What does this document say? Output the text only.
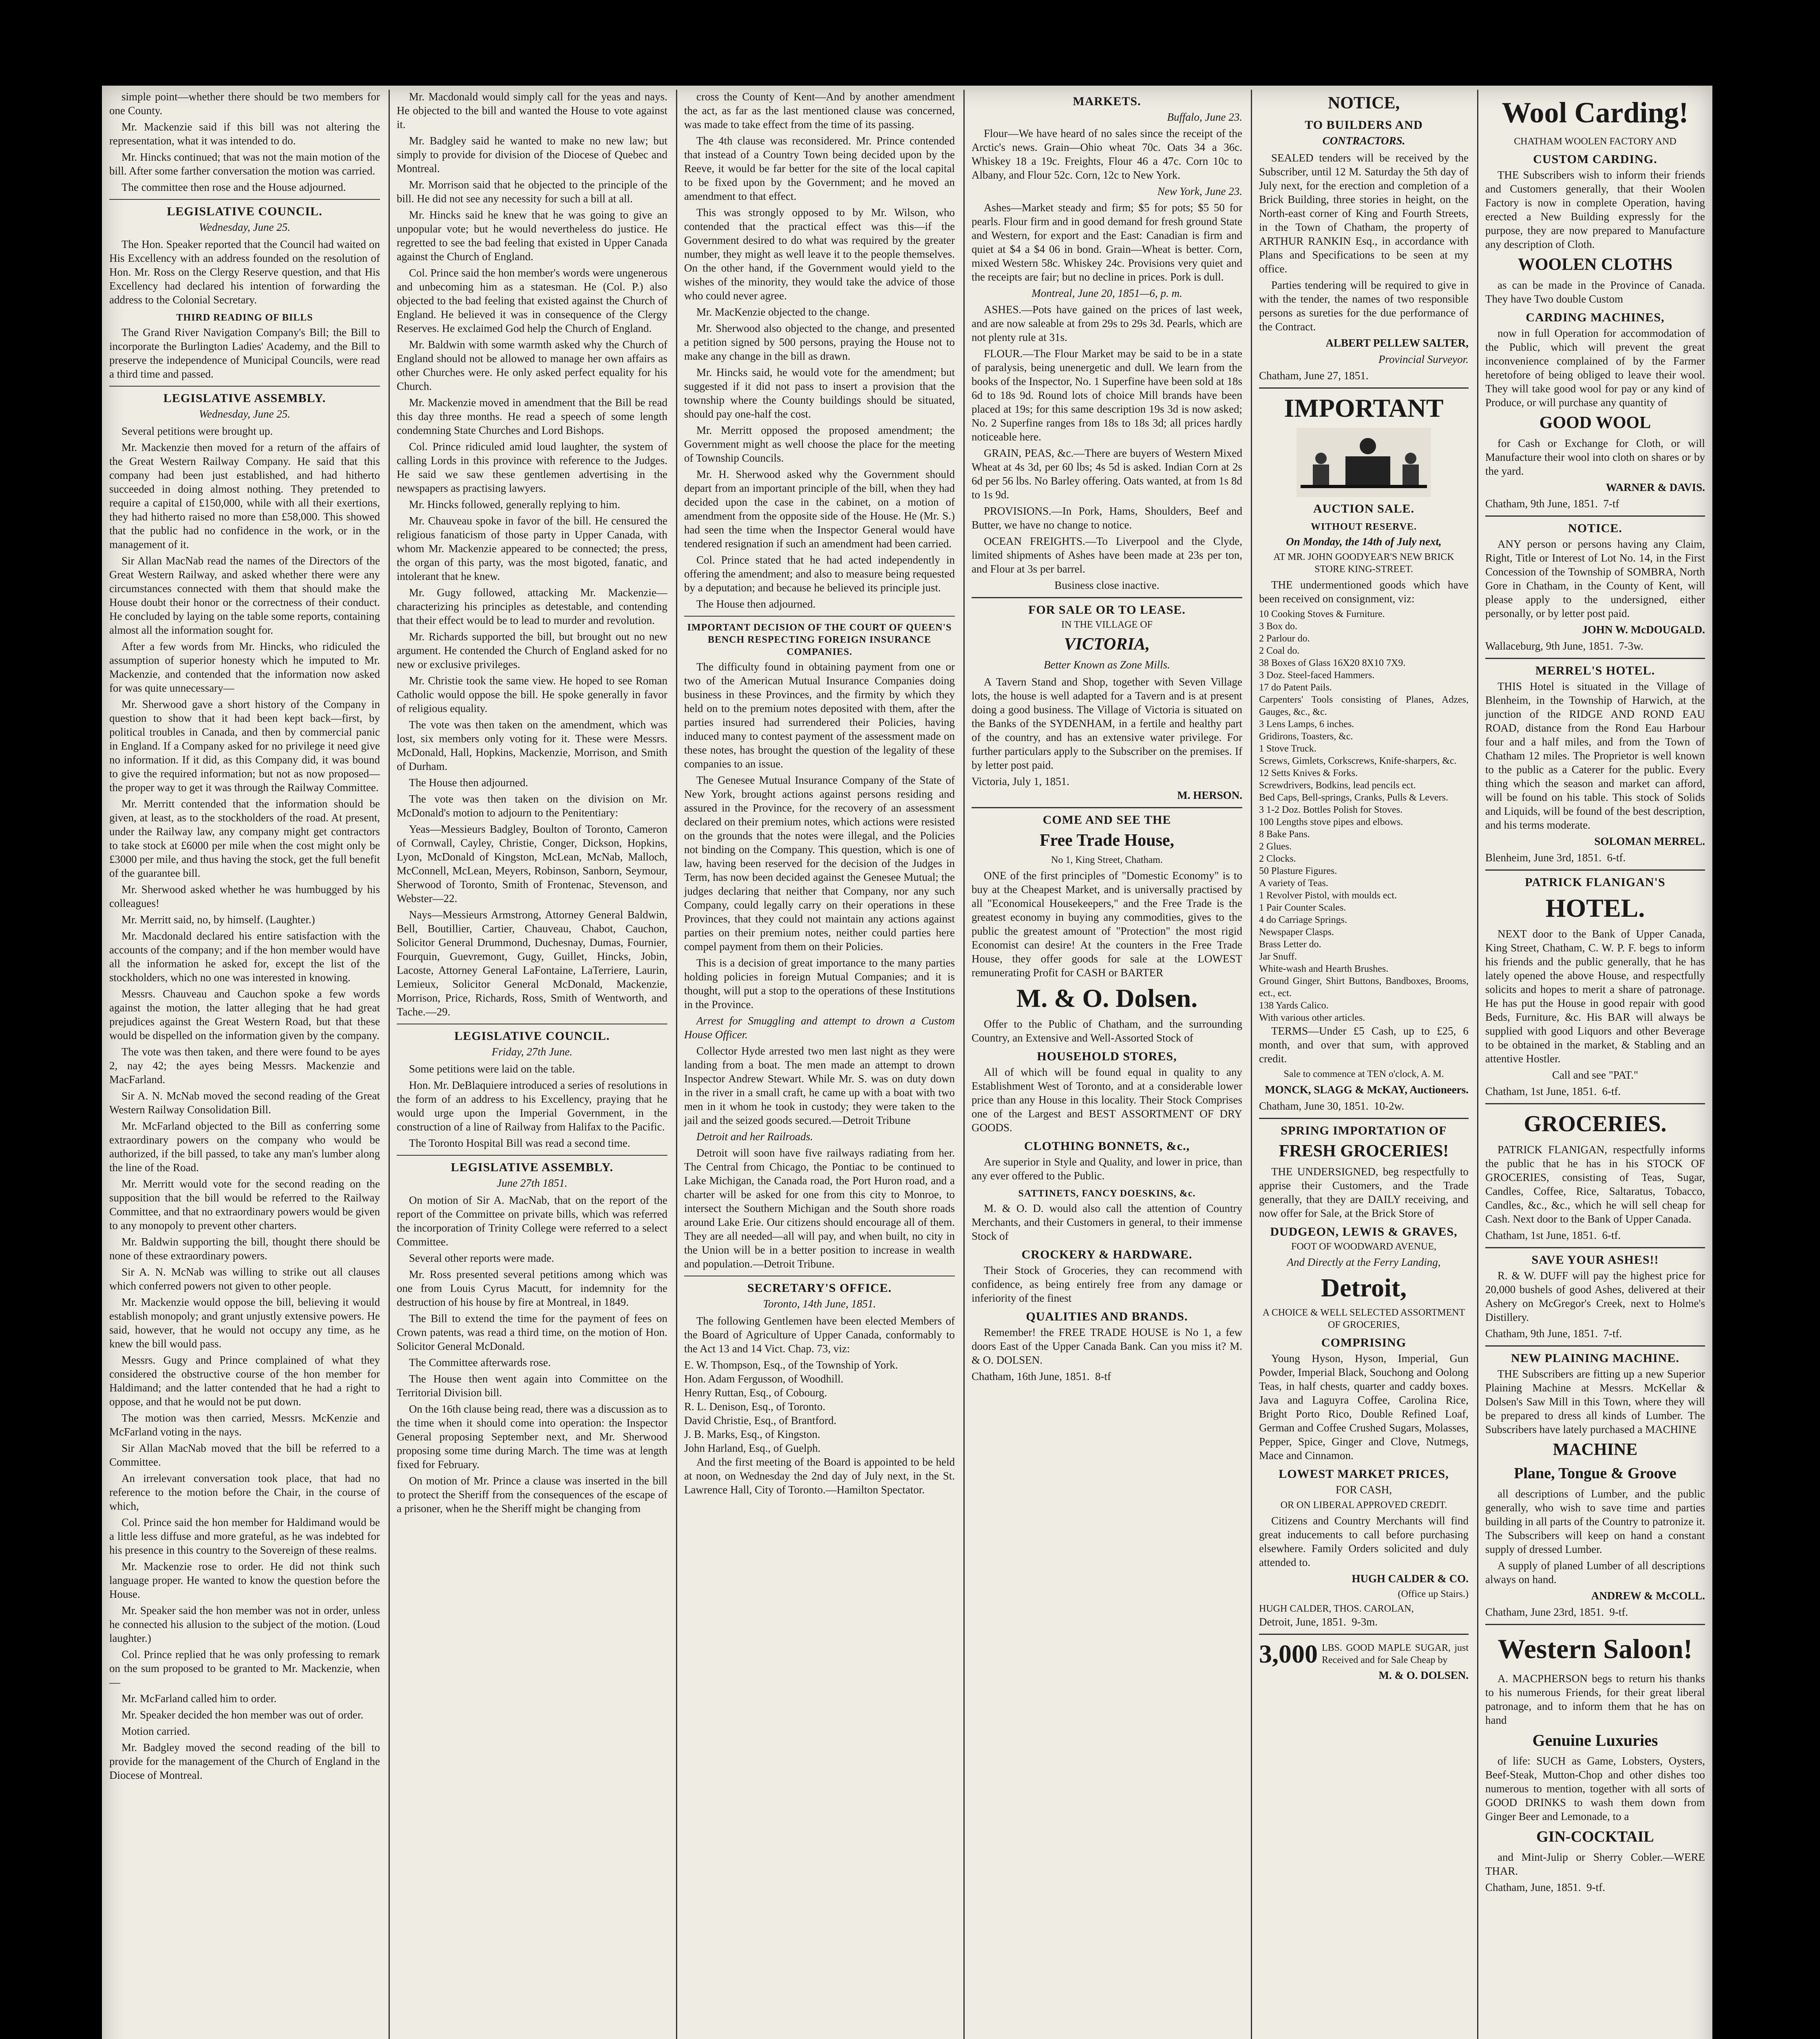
simple point—whether there should be two members for one County.

Mr. Mackenzie said if this bill was not altering the representation, what it was intended to do.

Mr. Hincks continued; that was not the main motion of the bill. After some farther conversation the motion was carried.

The committee then rose and the House adjourned.

LEGISLATIVE COUNCIL.

Wednesday, June 25.

The Hon. Speaker reported that the Council had waited on His Excellency with an address founded on the resolution of Hon. Mr. Ross on the Clergy Reserve question, and that His Excellency had declared his intention of forwarding the address to the Colonial Secretary.

THIRD READING OF BILLS

The Grand River Navigation Company's Bill; the Bill to incorporate the Burlington Ladies' Academy, and the Bill to preserve the independence of Municipal Councils, were read a third time and passed.

LEGISLATIVE ASSEMBLY.

Wednesday, June 25.

Several petitions were brought up.

Mr. Mackenzie then moved for a return of the affairs of the Great Western Railway Company. He said that this company had been just established, and had hitherto succeeded in doing almost nothing. They pretended to require a capital of £150,000, while with all their exertions, they had hitherto raised no more than £58,000. This showed that the public had no confidence in the work, or in the management of it.

Sir Allan MacNab read the names of the Directors of the Great Western Railway, and asked whether there were any circumstances connected with them that should make the House doubt their honor or the correctness of their conduct. He concluded by laying on the table some reports, containing almost all the information sought for.

After a few words from Mr. Hincks, who ridiculed the assumption of superior honesty which he imputed to Mr. Mackenzie, and contended that the information now asked for was quite unnecessary—

Mr. Sherwood gave a short history of the Company in question to show that it had been kept back—first, by political troubles in Canada, and then by commercial panic in England. If a Company asked for no privilege it need give no information. If it did, as this Company did, it was bound to give the required information; but not as now proposed—the proper way to get it was through the Railway Committee.

Mr. Merritt contended that the information should be given, at least, as to the stockholders of the road. At present, under the Railway law, any company might get contractors to take stock at £6000 per mile when the cost might only be £3000 per mile, and thus having the stock, get the full benefit of the guarantee bill.

Mr. Sherwood asked whether he was humbugged by his colleagues!

Mr. Merritt said, no, by himself. (Laughter.)

Mr. Macdonald declared his entire satisfaction with the accounts of the company; and if the hon member would have all the information he asked for, except the list of the stockholders, which no one was interested in knowing.

Messrs. Chauveau and Cauchon spoke a few words against the motion, the latter alleging that he had great prejudices against the Great Western Road, but that these would be dispelled on the information given by the company.

The vote was then taken, and there were found to be ayes 2, nay 42; the ayes being Messrs. Mackenzie and MacFarland.

Sir A. N. McNab moved the second reading of the Great Western Railway Consolidation Bill.

Mr. McFarland objected to the Bill as conferring some extraordinary powers on the company who would be authorized, if the bill passed, to take any man's lumber along the line of the Road.

Mr. Merritt would vote for the second reading on the supposition that the bill would be referred to the Railway Committee, and that no extraordinary powers would be given to any monopoly to prevent other charters.

Mr. Baldwin supporting the bill, thought there should be none of these extraordinary powers.

Sir A. N. McNab was willing to strike out all clauses which conferred powers not given to other people.

Mr. Mackenzie would oppose the bill, believing it would establish monopoly; and grant unjustly extensive powers. He said, however, that he would not occupy any time, as he knew the bill would pass.

Messrs. Gugy and Prince complained of what they considered the obstructive course of the hon member for Haldimand; and the latter contended that he had a right to oppose, and that he would not be put down.

The motion was then carried, Messrs. McKenzie and McFarland voting in the nays.

Sir Allan MacNab moved that the bill be referred to a Committee.

An irrelevant conversation took place, that had no reference to the motion before the Chair, in the course of which,

Col. Prince said the hon member for Haldimand would be a little less diffuse and more grateful, as he was indebted for his presence in this country to the Sovereign of these realms.

Mr. Mackenzie rose to order. He did not think such language proper. He wanted to know the question before the House.

Mr. Speaker said the hon member was not in order, unless he connected his allusion to the subject of the motion. (Loud laughter.)

Col. Prince replied that he was only professing to remark on the sum proposed to be granted to Mr. Mackenzie, when—

Mr. McFarland called him to order.

Mr. Speaker decided the hon member was out of order.

Motion carried.

Mr. Badgley moved the second reading of the bill to provide for the management of the Church of England in the Diocese of Montreal.

Mr. Macdonald would simply call for the yeas and nays. He objected to the bill and wanted the House to vote against it.

Mr. Badgley said he wanted to make no new law; but simply to provide for division of the Diocese of Quebec and Montreal.

Mr. Morrison said that he objected to the principle of the bill. He did not see any necessity for such a bill at all.

Mr. Hincks said he knew that he was going to give an unpopular vote; but he would nevertheless do justice. He regretted to see the bad feeling that existed in Upper Canada against the Church of England.

Col. Prince said the hon member's words were ungenerous and unbecoming him as a statesman. He (Col. P.) also objected to the bad feeling that existed against the Church of England. He believed it was in consequence of the Clergy Reserves. He exclaimed God help the Church of England.

Mr. Baldwin with some warmth asked why the Church of England should not be allowed to manage her own affairs as other Churches were. He only asked perfect equality for his Church.

Mr. Mackenzie moved in amendment that the Bill be read this day three months. He read a speech of some length condemning State Churches and Lord Bishops.

Col. Prince ridiculed amid loud laughter, the system of calling Lords in this province with reference to the Judges. He said we saw these gentlemen advertising in the newspapers as practising lawyers.

Mr. Hincks followed, generally replying to him.

Mr. Chauveau spoke in favor of the bill. He censured the religious fanaticism of those party in Upper Canada, with whom Mr. Mackenzie appeared to be connected; the press, the organ of this party, was the most bigoted, fanatic, and intolerant that he knew.

Mr. Gugy followed, attacking Mr. Mackenzie—characterizing his principles as detestable, and contending that their effect would be to lead to murder and revolution.

Mr. Richards supported the bill, but brought out no new argument. He contended the Church of England asked for no new or exclusive privileges.

Mr. Christie took the same view. He hoped to see Roman Catholic would oppose the bill. He spoke generally in favor of religious equality.

The vote was then taken on the amendment, which was lost, six members only voting for it. These were Messrs. McDonald, Hall, Hopkins, Mackenzie, Morrison, and Smith of Durham.

The House then adjourned.

The vote was then taken on the division on Mr. McDonald's motion to adjourn to the Penitentiary:

Yeas—Messieurs Badgley, Boulton of Toronto, Cameron of Cornwall, Cayley, Christie, Conger, Dickson, Hopkins, Lyon, McDonald of Kingston, McLean, McNab, Malloch, McConnell, McLean, Meyers, Robinson, Sanborn, Seymour, Sherwood of Toronto, Smith of Frontenac, Stevenson, and Webster—22.

Nays—Messieurs Armstrong, Attorney General Baldwin, Bell, Boutillier, Cartier, Chauveau, Chabot, Cauchon, Solicitor General Drummond, Duchesnay, Dumas, Fournier, Fourquin, Guevremont, Gugy, Guillet, Hincks, Jobin, Lacoste, Attorney General LaFontaine, LaTerriere, Laurin, Lemieux, Solicitor General McDonald, Mackenzie, Morrison, Price, Richards, Ross, Smith of Wentworth, and Tache.—29.

LEGISLATIVE COUNCIL.

Friday, 27th June.

Some petitions were laid on the table.

Hon. Mr. DeBlaquiere introduced a series of resolutions in the form of an address to his Excellency, praying that he would urge upon the Imperial Government, in the construction of a line of Railway from Halifax to the Pacific.

The Toronto Hospital Bill was read a second time.

LEGISLATIVE ASSEMBLY.

June 27th 1851.

On motion of Sir A. MacNab, that on the report of the report of the Committee on private bills, which was referred the incorporation of Trinity College were referred to a select Committee.

Several other reports were made.

Mr. Ross presented several petitions among which was one from Louis Cyrus Macutt, for indemnity for the destruction of his house by fire at Montreal, in 1849.

The Bill to extend the time for the payment of fees on Crown patents, was read a third time, on the motion of Hon. Solicitor General McDonald.

The Committee afterwards rose.

The House then went again into Committee on the Territorial Division bill.

On the 16th clause being read, there was a discussion as to the time when it should come into operation: the Inspector General proposing September next, and Mr. Sherwood proposing some time during March. The time was at length fixed for February.

On motion of Mr. Prince a clause was inserted in the bill to protect the Sheriff from the consequences of the escape of a prisoner, when he the Sheriff might be changing from

cross the County of Kent—And by another amendment the act, as far as the last mentioned clause was concerned, was made to take effect from the time of its passing.

The 4th clause was reconsidered. Mr. Prince contended that instead of a Country Town being decided upon by the Reeve, it would be far better for the site of the local capital to be fixed upon by the Government; and he moved an amendment to that effect.

This was strongly opposed to by Mr. Wilson, who contended that the practical effect was this—if the Government desired to do what was required by the greater number, they might as well leave it to the people themselves. On the other hand, if the Government would yield to the wishes of the minority, they would take the advice of those who could never agree.

Mr. MacKenzie objected to the change.

Mr. Sherwood also objected to the change, and presented a petition signed by 500 persons, praying the House not to make any change in the bill as drawn.

Mr. Hincks said, he would vote for the amendment; but suggested if it did not pass to insert a provision that the township where the County buildings should be situated, should pay one-half the cost.

Mr. Merritt opposed the proposed amendment; the Government might as well choose the place for the meeting of Township Councils.

Mr. H. Sherwood asked why the Government should depart from an important principle of the bill, when they had decided upon the case in the cabinet, on a motion of amendment from the opposite side of the House. He (Mr. S.) had seen the time when the Inspector General would have tendered resignation if such an amendment had been carried.

Col. Prince stated that he had acted independently in offering the amendment; and also to measure being requested by a deputation; and because he believed its principle just.

The House then adjourned.

IMPORTANT DECISION OF THE COURT OF QUEEN'S BENCH RESPECTING FOREIGN INSURANCE COMPANIES.

The difficulty found in obtaining payment from one or two of the American Mutual Insurance Companies doing business in these Provinces, and the firmity by which they held on to the premium notes deposited with them, after the parties insured had surrendered their Policies, having induced many to contest payment of the assessment made on these notes, has brought the question of the legality of these companies to an issue.

The Genesee Mutual Insurance Company of the State of New York, brought actions against persons residing and assured in the Province, for the recovery of an assessment declared on their premium notes, which actions were resisted on the grounds that the notes were illegal, and the Policies not binding on the Company. This question, which is one of law, having been reserved for the decision of the Judges in Term, has now been decided against the Genesee Mutual; the judges declaring that neither that Company, nor any such Company, could legally carry on their operations in these Provinces, that they could not maintain any actions against parties on their premium notes, neither could parties here compel payment from them on their Policies.

This is a decision of great importance to the many parties holding policies in foreign Mutual Companies; and it is thought, will put a stop to the operations of these Institutions in the Province.

Arrest for Smuggling and attempt to drown a Custom House Officer.

Collector Hyde arrested two men last night as they were landing from a boat. The men made an attempt to drown Inspector Andrew Stewart. While Mr. S. was on duty down in the river in a small craft, he came up with a boat with two men in it whom he took in custody; they were taken to the jail and the seized goods secured.—Detroit Tribune

Detroit and her Railroads.

Detroit will soon have five railways radiating from her. The Central from Chicago, the Pontiac to be continued to Lake Michigan, the Canada road, the Port Huron road, and a charter will be asked for one from this city to Monroe, to intersect the Southern Michigan and the South shore roads around Lake Erie. Our citizens should encourage all of them. They are all needed—all will pay, and when built, no city in the Union will be in a better position to increase in wealth and population.—Detroit Tribune.

SECRETARY'S OFFICE.

Toronto, 14th June, 1851.

The following Gentlemen have been elected Members of the Board of Agriculture of Upper Canada, conformably to the Act 13 and 14 Vict. Chap. 73, viz:

E. W. Thompson, Esq., of the Township of York.

Hon. Adam Fergusson, of Woodhill.

Henry Ruttan, Esq., of Cobourg.

R. L. Denison, Esq., of Toronto.

David Christie, Esq., of Brantford.

J. B. Marks, Esq., of Kingston.

John Harland, Esq., of Guelph.

And the first meeting of the Board is appointed to be held at noon, on Wednesday the 2nd day of July next, in the St. Lawrence Hall, City of Toronto.—Hamilton Spectator.

MARKETS.

Buffalo, June 23.

Flour—We have heard of no sales since the receipt of the Arctic's news. Grain—Ohio wheat 70c. Oats 34 a 36c. Whiskey 18 a 19c. Freights, Flour 46 a 47c. Corn 10c to Albany, and Flour 52c. Corn, 12c to New York.

New York, June 23.

Ashes—Market steady and firm; $5 for pots; $5 50 for pearls. Flour firm and in good demand for fresh ground State and Western, for export and the East: Canadian is firm and quiet at $4 a $4 06 in bond. Grain—Wheat is better. Corn, mixed Western 58c. Whiskey 24c. Provisions very quiet and the receipts are fair; but no decline in prices. Pork is dull.

Montreal, June 20, 1851—6, p. m.

ASHES.—Pots have gained on the prices of last week, and are now saleable at from 29s to 29s 3d. Pearls, which are not plenty rule at 31s.

FLOUR.—The Flour Market may be said to be in a state of paralysis, being unenergetic and dull. We learn from the books of the Inspector, No. 1 Superfine have been sold at 18s 6d to 18s 9d. Round lots of choice Mill brands have been placed at 19s; for this same description 19s 3d is now asked; No. 2 Superfine ranges from 18s to 18s 3d; all prices hardly noticeable here.

GRAIN, PEAS, &c.—There are buyers of Western Mixed Wheat at 4s 3d, per 60 lbs; 4s 5d is asked. Indian Corn at 2s 6d per 56 lbs. No Barley offering. Oats wanted, at from 1s 8d to 1s 9d.

PROVISIONS.—In Pork, Hams, Shoulders, Beef and Butter, we have no change to notice.

OCEAN FREIGHTS.—To Liverpool and the Clyde, limited shipments of Ashes have been made at 23s per ton, and Flour at 3s per barrel.

Business close inactive.

FOR SALE OR TO LEASE.

IN THE VILLAGE OF

VICTORIA,

Better Known as Zone Mills.

A Tavern Stand and Shop, together with Seven Village lots, the house is well adapted for a Tavern and is at present doing a good business. The Village of Victoria is situated on the Banks of the SYDENHAM, in a fertile and healthy part of the country, and has an extensive water privilege. For further particulars apply to the Subscriber on the premises. If by letter post paid.

Victoria, July 1, 1851.

M. HERSON.

COME AND SEE THE

Free Trade House,

No 1, King Street, Chatham.

ONE of the first principles of "Domestic Economy" is to buy at the Cheapest Market, and is universally practised by all "Economical Housekeepers," and the Free Trade is the greatest economy in buying any commodities, gives to the public the greatest amount of "Protection" the most rigid Economist can desire! At the counters in the Free Trade House, they offer goods for sale at the LOWEST remunerating Profit for CASH or BARTER

M. & O. Dolsen.

Offer to the Public of Chatham, and the surrounding Country, an Extensive and Well-Assorted Stock of

HOUSEHOLD STORES,

All of which will be found equal in quality to any Establishment West of Toronto, and at a considerable lower price than any House in this locality. Their Stock Comprises one of the Largest and BEST ASSORTMENT OF DRY GOODS.

CLOTHING BONNETS, &c.,

Are superior in Style and Quality, and lower in price, than any ever offered to the Public.

SATTINETS, FANCY DOESKINS, &c.

M. & O. D. would also call the attention of Country Merchants, and their Customers in general, to their immense Stock of

CROCKERY & HARDWARE.

Their Stock of Groceries, they can recommend with confidence, as being entirely free from any damage or inferiority of the finest

QUALITIES AND BRANDS.

Remember! the FREE TRADE HOUSE is No 1, a few doors East of the Upper Canada Bank. Can you miss it? M. & O. DOLSEN.

Chatham, 16th June, 1851. 8-tf

NOTICE,

TO BUILDERS AND

CONTRACTORS.

SEALED tenders will be received by the Subscriber, until 12 M. Saturday the 5th day of July next, for the erection and completion of a Brick Building, three stories in height, on the North-east corner of King and Fourth Streets, in the Town of Chatham, the property of ARTHUR RANKIN Esq., in accordance with Plans and Specifications to be seen at my office.

Parties tendering will be required to give in with the tender, the names of two responsible persons as sureties for the due performance of the Contract.

ALBERT PELLEW SALTER,

Provincial Surveyor.

Chatham, June 27, 1851.

IMPORTANT

AUCTION SALE.

WITHOUT RESERVE.

On Monday, the 14th of July next,

AT MR. JOHN GOODYEAR'S NEW BRICK STORE KING-STREET.

THE undermentioned goods which have been received on consignment, viz:

10 Cooking Stoves & Furniture.

3 Box do.

2 Parlour do.

2 Coal do.

38 Boxes of Glass 16X20 8X10 7X9.

3 Doz. Steel-faced Hammers.

17 do Patent Pails.

Carpenters' Tools consisting of Planes, Adzes, Gauges, &c., &c.

3 Lens Lamps, 6 inches.

Gridirons, Toasters, &c.

1 Stove Truck.

Screws, Gimlets, Corkscrews, Knife-sharpers, &c.

12 Setts Knives & Forks.

Screwdrivers, Bodkins, lead pencils ect.

Bed Caps, Bell-springs, Cranks, Pulls & Levers.

3 1-2 Doz. Bottles Polish for Stoves.

100 Lengths stove pipes and elbows.

8 Bake Pans.

2 Glues.

2 Clocks.

50 Plasture Figures.

A variety of Teas.

1 Revolver Pistol, with moulds ect.

1 Pair Counter Scales.

4 do Carriage Springs.

Newspaper Clasps.

Brass Letter do.

Jar Snuff.

White-wash and Hearth Brushes.

Ground Ginger, Shirt Buttons, Bandboxes, Brooms, ect., ect.

138 Yards Calico.

With various other articles.

TERMS—Under £5 Cash, up to £25, 6 month, and over that sum, with approved credit.

Sale to commence at TEN o'clock, A. M.

MONCK, SLAGG & McKAY, Auctioneers.

Chatham, June 30, 1851. 10-2w.

SPRING IMPORTATION OF

FRESH GROCERIES!

THE UNDERSIGNED, beg respectfully to apprise their Customers, and the Trade generally, that they are DAILY receiving, and now offer for Sale, at the Brick Store of

DUDGEON, LEWIS & GRAVES,

FOOT OF WOODWARD AVENUE,

And Directly at the Ferry Landing,

Detroit,

A CHOICE & WELL SELECTED ASSORTMENT OF GROCERIES,

COMPRISING

Young Hyson, Hyson, Imperial, Gun Powder, Imperial Black, Souchong and Oolong Teas, in half chests, quarter and caddy boxes. Java and Laguyra Coffee, Carolina Rice, Bright Porto Rico, Double Refined Loaf, German and Coffee Crushed Sugars, Molasses, Pepper, Spice, Ginger and Clove, Nutmegs, Mace and Cinnamon.

LOWEST MARKET PRICES,

FOR CASH,

OR ON LIBERAL APPROVED CREDIT.

Citizens and Country Merchants will find great inducements to call before purchasing elsewhere. Family Orders solicited and duly attended to.

HUGH CALDER & CO.

(Office up Stairs.)

HUGH CALDER, THOS. CAROLAN,

Detroit, June, 1851. 9-3m.

3,000 LBS. GOOD MAPLE SUGAR, just Received and for Sale Cheap by

M. & O. DOLSEN.

Wool Carding!

CHATHAM WOOLEN FACTORY AND

CUSTOM CARDING.

THE Subscribers wish to inform their friends and Customers generally, that their Woolen Factory is now in complete Operation, having erected a New Building expressly for the purpose, they are now prepared to Manufacture any description of Cloth.

WOOLEN CLOTHS

as can be made in the Province of Canada. They have Two double Custom

CARDING MACHINES,

now in full Operation for accommodation of the Public, which will prevent the great inconvenience complained of by the Farmer heretofore of being obliged to leave their wool. They will take good wool for pay or any kind of Produce, or will purchase any quantity of

GOOD WOOL

for Cash or Exchange for Cloth, or will Manufacture their wool into cloth on shares or by the yard.

WARNER & DAVIS.

Chatham, 9th June, 1851. 7-tf

NOTICE.

ANY person or persons having any Claim, Right, Title or Interest of Lot No. 14, in the First Concession of the Township of SOMBRA, North Gore in Chatham, in the County of Kent, will please apply to the undersigned, either personally, or by letter post paid.

JOHN W. McDOUGALD.

Wallaceburg, 9th June, 1851. 7-3w.

MERREL'S HOTEL.

THIS Hotel is situated in the Village of Blenheim, in the Township of Harwich, at the junction of the RIDGE AND ROND EAU ROAD, distance from the Rond Eau Harbour four and a half miles, and from the Town of Chatham 12 miles. The Proprietor is well known to the public as a Caterer for the public. Every thing which the season and market can afford, will be found on his table. This stock of Solids and Liquids, will be found of the best description, and his terms moderate.

SOLOMAN MERREL.

Blenheim, June 3rd, 1851. 6-tf.

PATRICK FLANIGAN'S

HOTEL.

NEXT door to the Bank of Upper Canada, King Street, Chatham, C. W. P. F. begs to inform his friends and the public generally, that he has lately opened the above House, and respectfully solicits and hopes to merit a share of patronage. He has put the House in good repair with good Beds, Furniture, &c. His BAR will always be supplied with good Liquors and other Beverage to be obtained in the market, & Stabling and an attentive Hostler.

Call and see "PAT."

Chatham, 1st June, 1851. 6-tf.

GROCERIES.

PATRICK FLANIGAN, respectfully informs the public that he has in his STOCK OF GROCERIES, consisting of Teas, Sugar, Candles, Coffee, Rice, Saltaratus, Tobacco, Candles, &c., &c., which he will sell cheap for Cash. Next door to the Bank of Upper Canada.

Chatham, 1st June, 1851. 6-tf.

SAVE YOUR ASHES!!

R. & W. DUFF will pay the highest price for 20,000 bushels of good Ashes, delivered at their Ashery on McGregor's Creek, next to Holme's Distillery.

Chatham, 9th June, 1851. 7-tf.

NEW PLAINING MACHINE.

THE Subscribers are fitting up a new Superior Plaining Machine at Messrs. McKellar & Dolsen's Saw Mill in this Town, where they will be prepared to dress all kinds of Lumber. The Subscribers have lately purchased a MACHINE

MACHINE

Plane, Tongue & Groove

all descriptions of Lumber, and the public generally, who wish to save time and parties building in all parts of the Country to patronize it. The Subscribers will keep on hand a constant supply of dressed Lumber.

A supply of planed Lumber of all descriptions always on hand.

ANDREW & McCOLL.

Chatham, June 23rd, 1851. 9-tf.

Western Saloon!

A. MACPHERSON begs to return his thanks to his numerous Friends, for their great liberal patronage, and to inform them that he has on hand

Genuine Luxuries

of life: SUCH as Game, Lobsters, Oysters, Beef-Steak, Mutton-Chop and other dishes too numerous to mention, together with all sorts of GOOD DRINKS to wash them down from Ginger Beer and Lemonade, to a

GIN-COCKTAIL

and Mint-Julip or Sherry Cobler.—WERE THAR.

Chatham, June, 1851. 9-tf.
